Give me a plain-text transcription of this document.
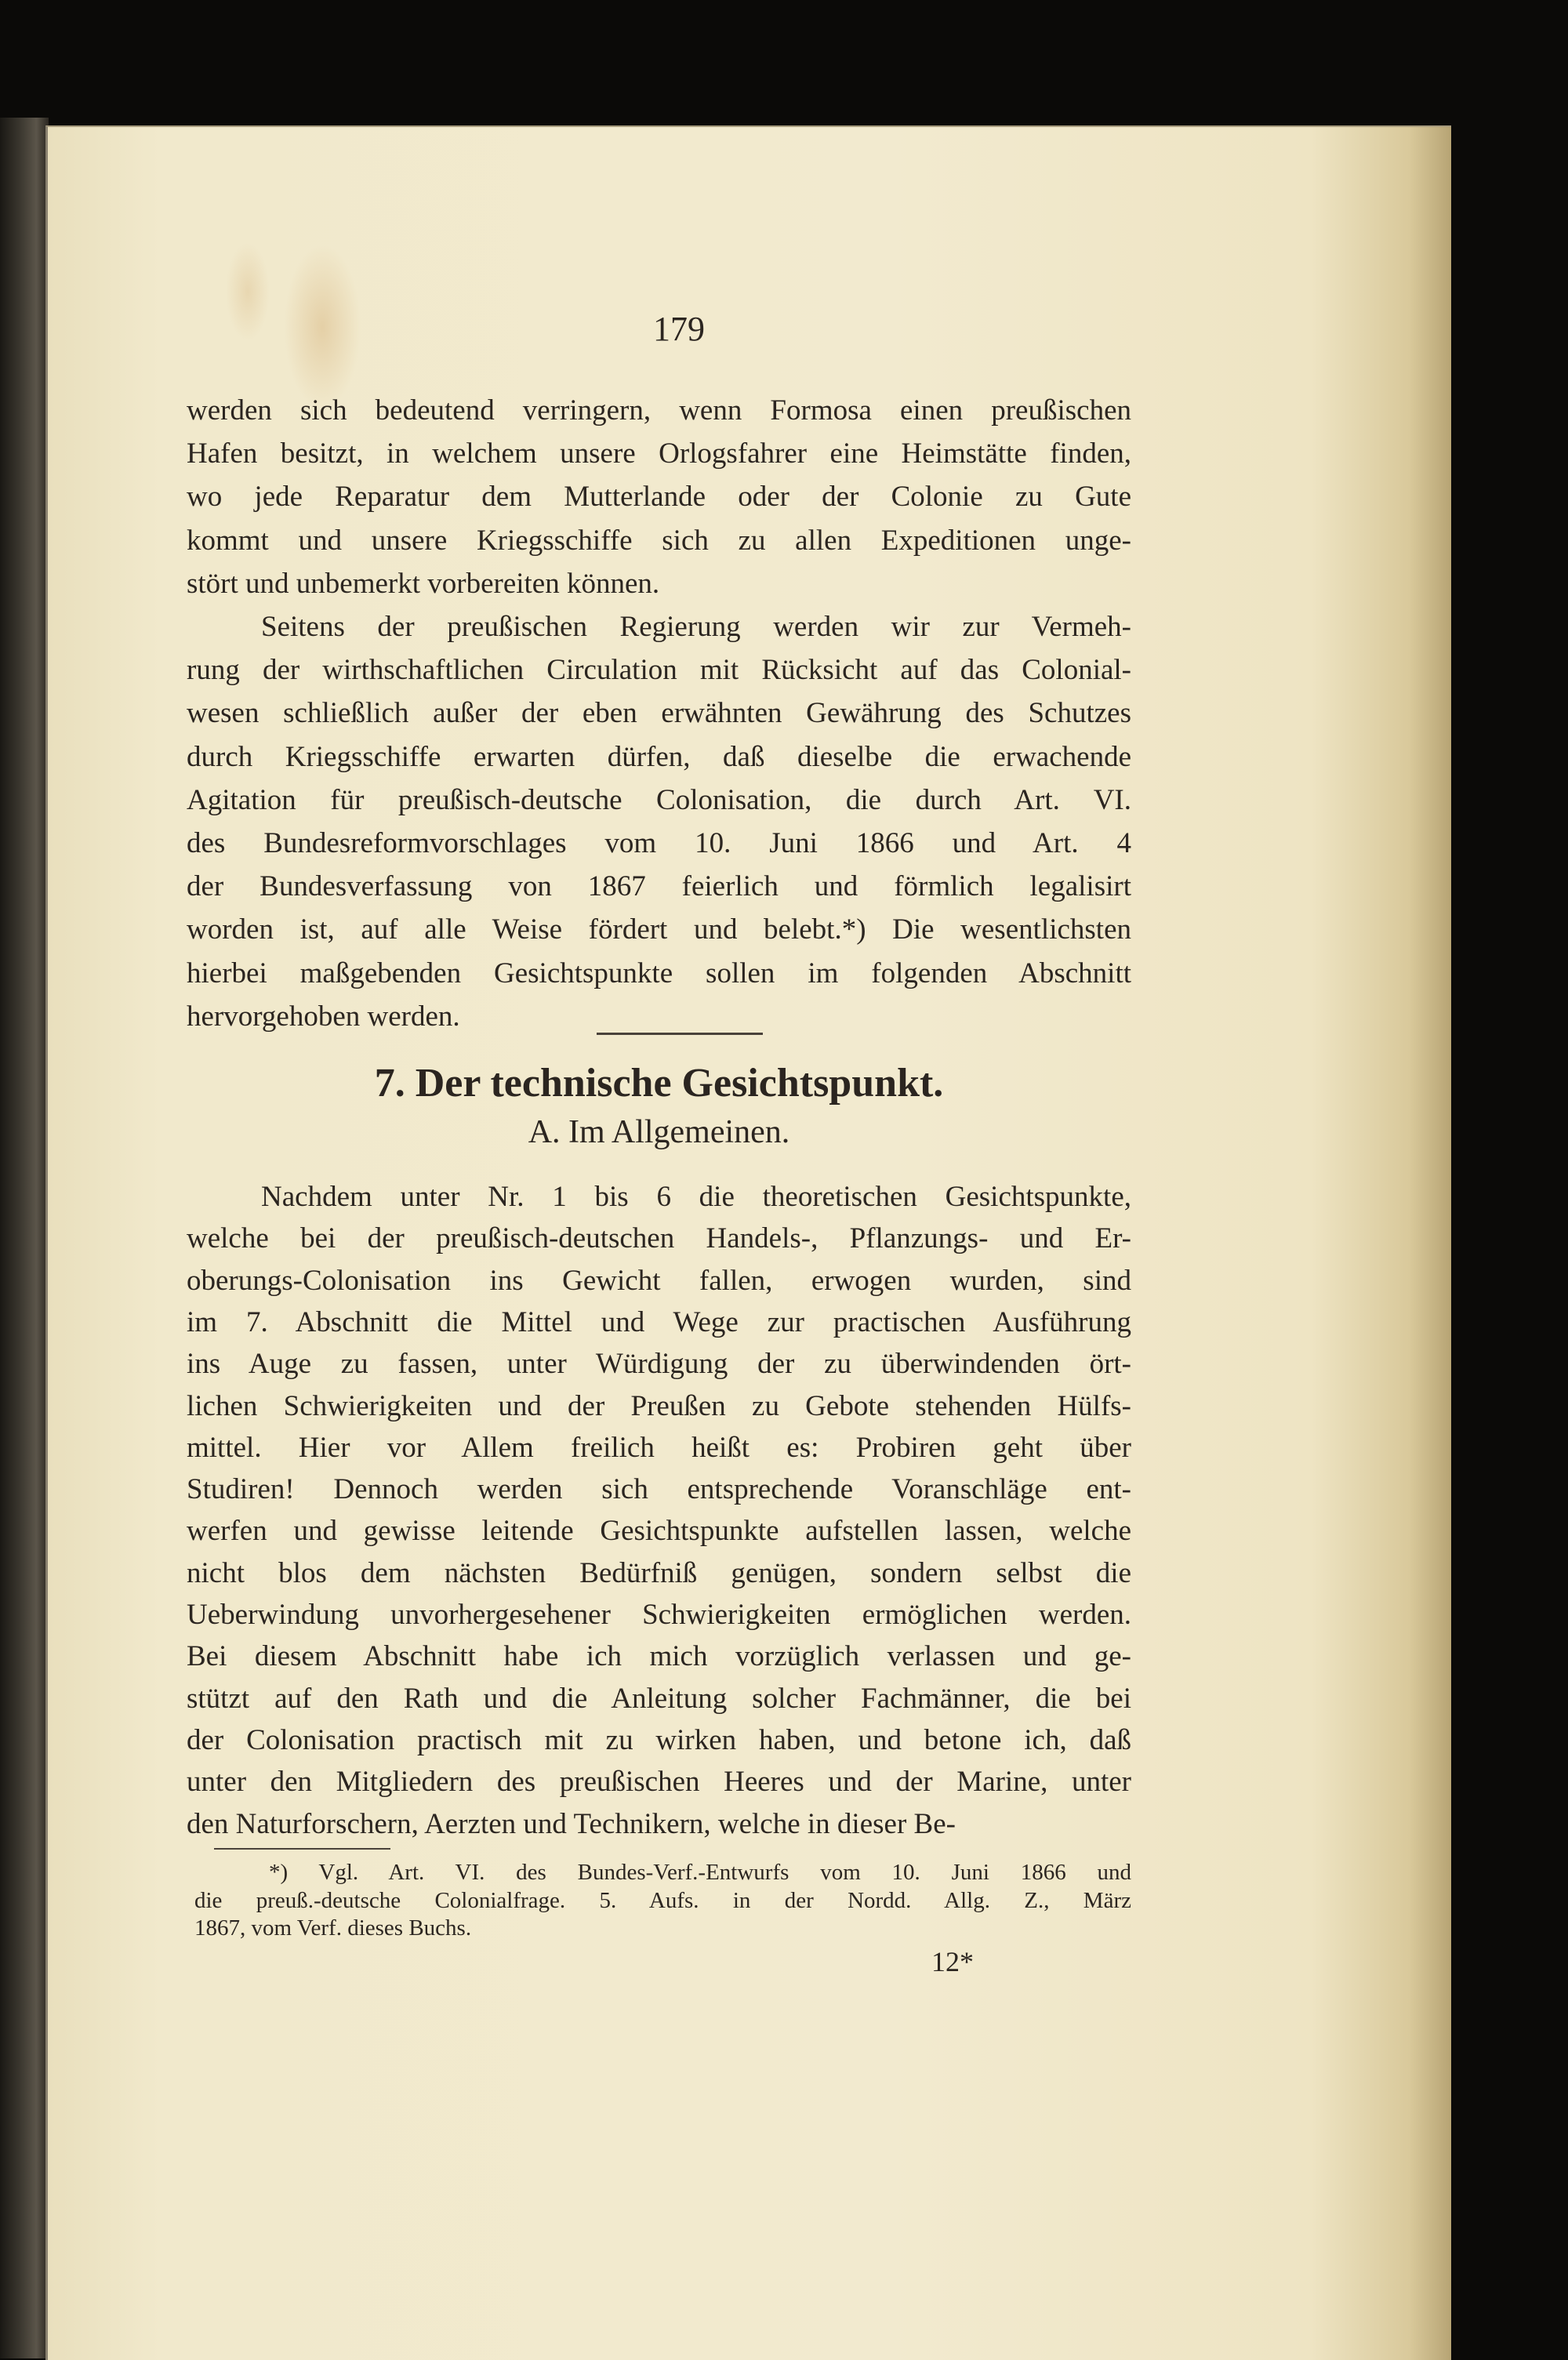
179
werden sich bedeutend verringern, wenn Formosa einen preußischen
Hafen besitzt, in welchem unsere Orlogsfahrer eine Heimstätte finden,
wo jede Reparatur dem Mutterlande oder der Colonie zu Gute
kommt und unsere Kriegsschiffe sich zu allen Expeditionen unge-
stört und unbemerkt vorbereiten können.
Seitens der preußischen Regierung werden wir zur Vermeh-
rung der wirthschaftlichen Circulation mit Rücksicht auf das Colonial-
wesen schließlich außer der eben erwähnten Gewährung des Schutzes
durch Kriegsschiffe erwarten dürfen, daß dieselbe die erwachende
Agitation für preußisch-deutsche Colonisation, die durch Art. VI.
des Bundesreformvorschlages vom 10. Juni 1866 und Art. 4
der Bundesverfassung von 1867 feierlich und förmlich legalisirt
worden ist, auf alle Weise fördert und belebt.*) Die wesentlichsten
hierbei maßgebenden Gesichtspunkte sollen im folgenden Abschnitt
hervorgehoben werden.
Nachdem unter Nr. 1 bis 6 die theoretischen Gesichtspunkte,
welche bei der preußisch-deutschen Handels-, Pflanzungs- und Er-
oberungs-Colonisation ins Gewicht fallen, erwogen wurden, sind
im 7. Abschnitt die Mittel und Wege zur practischen Ausführung
ins Auge zu fassen, unter Würdigung der zu überwindenden ört-
lichen Schwierigkeiten und der Preußen zu Gebote stehenden Hülfs-
mittel. Hier vor Allem freilich heißt es: Probiren geht über
Studiren! Dennoch werden sich entsprechende Voranschläge ent-
werfen und gewisse leitende Gesichtspunkte aufstellen lassen, welche
nicht blos dem nächsten Bedürfniß genügen, sondern selbst die
Ueberwindung unvorhergesehener Schwierigkeiten ermöglichen werden.
Bei diesem Abschnitt habe ich mich vorzüglich verlassen und ge-
stützt auf den Rath und die Anleitung solcher Fachmänner, die bei
der Colonisation practisch mit zu wirken haben, und betone ich, daß
unter den Mitgliedern des preußischen Heeres und der Marine, unter
den Naturforschern, Aerzten und Technikern, welche in dieser Be-
7. Der technische Gesichtspunkt.
A. Im Allgemeinen.
*) Vgl. Art. VI. des Bundes-Verf.-Entwurfs vom 10. Juni 1866 und
die preuß.-deutsche Colonialfrage. 5. Aufs. in der Nordd. Allg. Z., März
1867, vom Verf. dieses Buchs.
12*
